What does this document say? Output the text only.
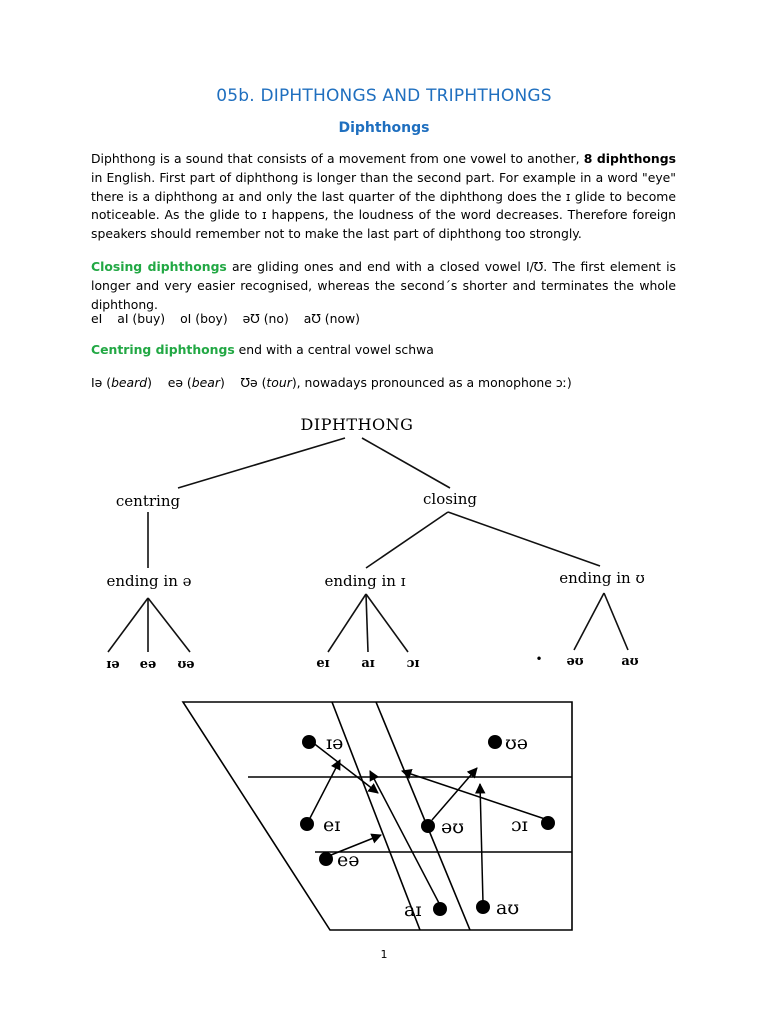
05b. DIPHTHONGS AND TRIPHTHONGS
Diphthongs
Diphthong is a sound that consists of a movement from one vowel to another, 8 diphthongs in English. First part of diphthong is longer than the second part. For example in a word "eye" there is a diphthong aɪ and only the last quarter of the diphthong does the ɪ glide to become noticeable. As the glide to ɪ happens, the loudness of the word decreases. Therefore foreign speakers should remember not to make the last part of diphthong too strongly.
Closing diphthongs are gliding ones and end with a closed vowel I/Ʊ. The first element is longer and very easier recognised, whereas the second´s shorter and terminates the whole diphthong.
eI aI (buy) oI (boy) əƱ (no) aƱ (now)
Centring diphthongs end with a central vowel schwa
Iə (beard) eə (bear) Ʊə (tour), nowadays pronounced as a monophone ɔː)
DIPHTHONG
centring	closing
ending in ə	ending in ɪ	ending in ʊ
ɪə eə ʊə	eɪ aɪ ɔɪ	• əʊ	aʊ
ɪə	ʊə
eɪ	əʊ ɔɪ
eə
aɪ	aʊ
1
